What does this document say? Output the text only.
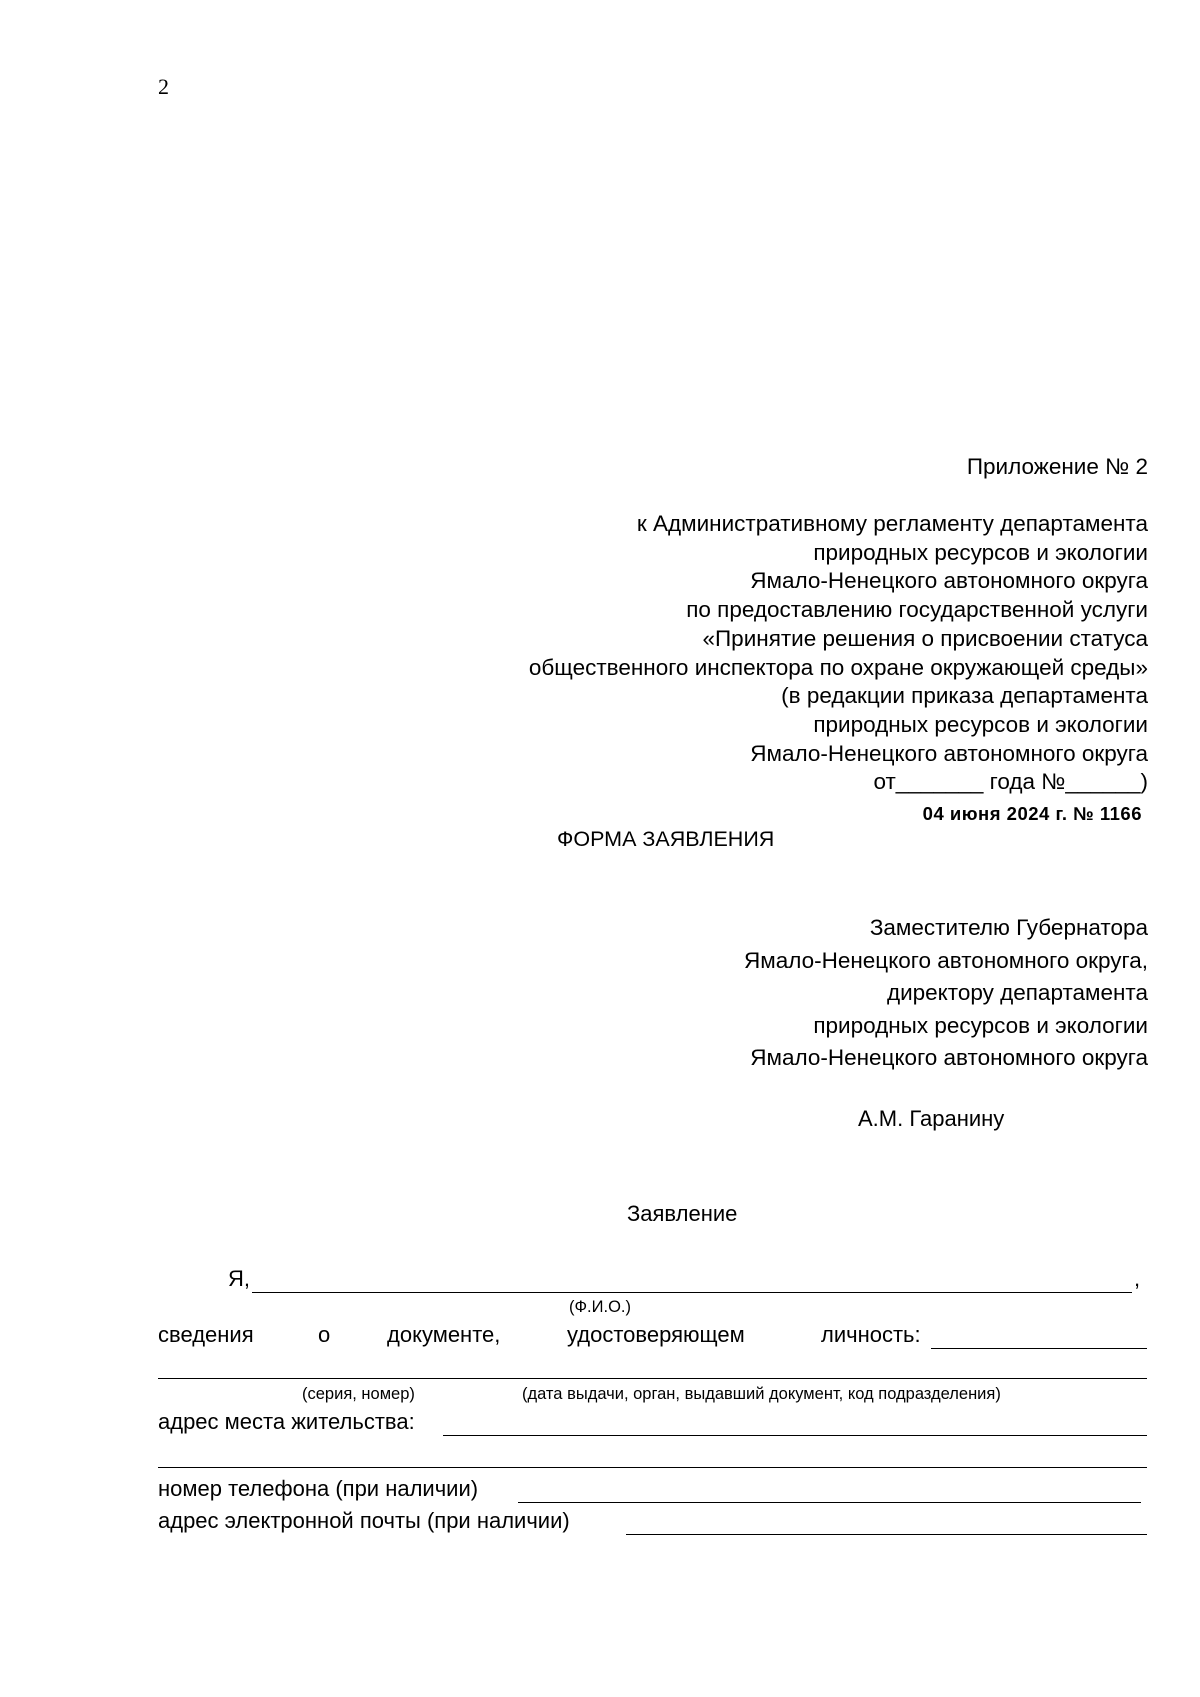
2
Приложение № 2
к Административному регламенту департамента
природных ресурсов и экологии
Ямало-Ненецкого автономного округа
по предоставлению государственной услуги
«Принятие решения о присвоении статуса
общественного инспектора по охране окружающей среды»
(в редакции приказа департамента
природных ресурсов и экологии
Ямало-Ненецкого автономного округа
от_______ года №______)
04 июня 2024 г. № 1166
ФОРМА ЗАЯВЛЕНИЯ
Заместителю Губернатора
Ямало-Ненецкого автономного округа,
директору департамента
природных ресурсов и экологии
Ямало-Ненецкого автономного округа
А.М. Гаранину
Заявление
Я,	,
(Ф.И.О.)
сведения	о	документе,	удостоверяющем	личность:
(серия, номер)	(дата выдачи, орган, выдавший документ, код подразделения)
адрес места жительства:
номер телефона (при наличии)
адрес электронной почты (при наличии)
